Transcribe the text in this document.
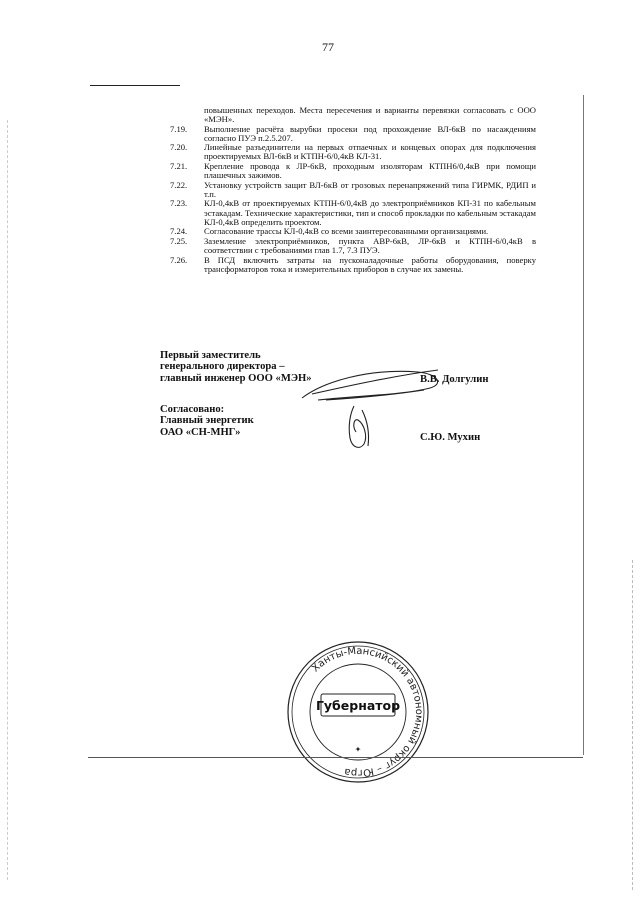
77
повышенных переходов. Места пересечения и варианты перевязки согласовать с ООО «МЭН».
7.19.	Выполнение расчёта вырубки просеки под прохождение ВЛ-6кВ по насаждениям согласно ПУЭ п.2.5.207.
7.20.	Линейные разъединители на первых отпаечных и концевых опорах для подключения проектируемых ВЛ-6кВ и КТПН-6/0,4кВ КЛ-31.
7.21.	Крепление провода к ЛР-6кВ, проходным изоляторам КТПН6/0,4кВ при помощи плашечных зажимов.
7.22.	Установку устройств защит ВЛ-6кВ от грозовых перенапряжений типа ГИРМК, РДИП и т.п.
7.23.	КЛ-0,4кВ от проектируемых КТПН-6/0,4кВ до электроприёмников КП-31 по кабельным эстакадам. Технические характеристики, тип и способ прокладки по кабельным эстакадам КЛ-0,4кВ определить проектом.
7.24.	Согласование трассы КЛ-0,4кВ со всеми заинтересованными организациями.
7.25.	Заземление электроприёмников, пункта АВР-6кВ, ЛР-6кВ и КТПН-6/0,4кВ в соответствии с требованиями глав 1.7, 7.3 ПУЭ.
7.26.	В ПСД включить затраты на пусконаладочные работы оборудования, поверку трансформаторов тока и измерительных приборов в случае их замены.
Первый заместитель
генерального директора –
главный инженер ООО «МЭН»	В.В. Долгулин
Согласовано:
Главный энергетик
ОАО «СН-МНГ»	С.Ю. Мухин
Ханты-Мансийский автономный округ – Югра
Губернатор
✦
